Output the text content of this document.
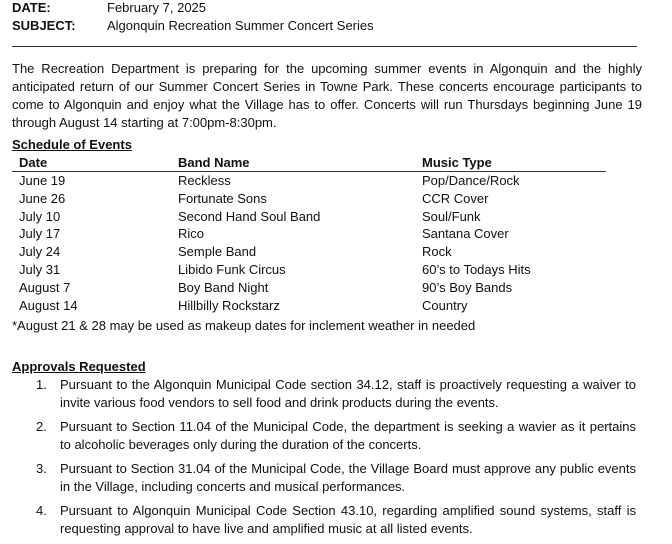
DATE:	February 7, 2025
SUBJECT:	Algonquin Recreation Summer Concert Series

The Recreation Department is preparing for the upcoming summer events in Algonquin and the highly anticipated return of our Summer Concert Series in Towne Park. These concerts encourage participants to come to Algonquin and enjoy what the Village has to offer. Concerts will run Thursdays beginning June 19 through August 14 starting at 7:00pm-8:30pm.

Schedule of Events

Date	Band Name	Music Type
June 19	Reckless	Pop/Dance/Rock
June 26	Fortunate Sons	CCR Cover
July 10	Second Hand Soul Band	Soul/Funk
July 17	Rico	Santana Cover
July 24	Semple Band	Rock
July 31	Libido Funk Circus	60’s to Todays Hits
August 7	Boy Band Night	90’s Boy Bands
August 14	Hillbilly Rockstarz	Country

*August 21 & 28 may be used as makeup dates for inclement weather in needed

Approvals Requested

1.	Pursuant to the Algonquin Municipal Code section 34.12, staff is proactively requesting a waiver to invite various food vendors to sell food and drink products during the events.
2.	Pursuant to Section 11.04 of the Municipal Code, the department is seeking a wavier as it pertains to alcoholic beverages only during the duration of the concerts.
3.	Pursuant to Section 31.04 of the Municipal Code, the Village Board must approve any public events in the Village, including concerts and musical performances.
4.	Pursuant to Algonquin Municipal Code Section 43.10, regarding amplified sound systems, staff is requesting approval to have live and amplified music at all listed events.
